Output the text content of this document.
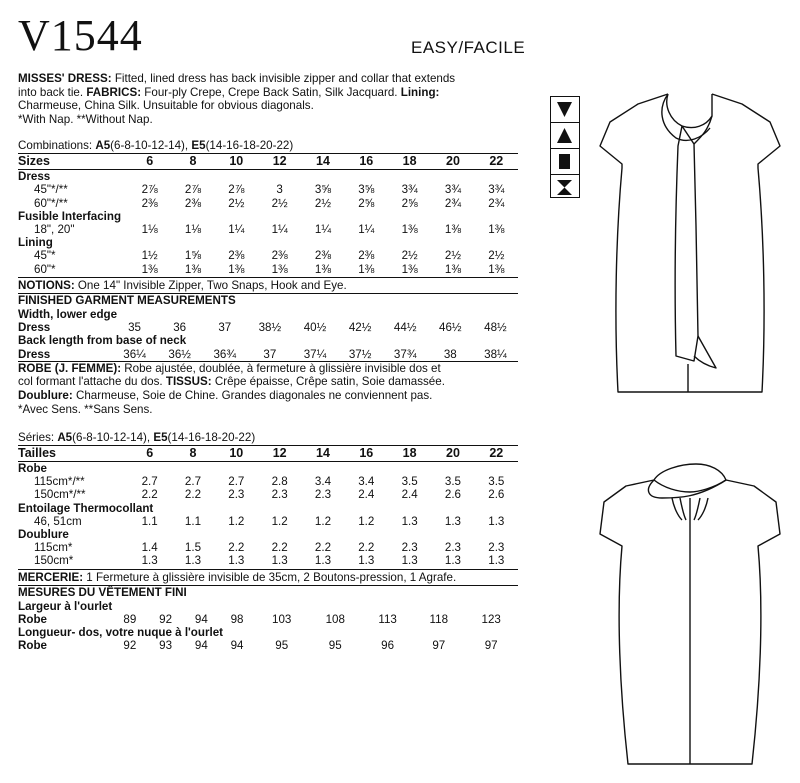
V1544	EASY/FACILE
MISSES' DRESS: Fitted, lined dress has back invisible zipper and collar that extends
into back tie. FABRICS: Four-ply Crepe, Crepe Back Satin, Silk Jacquard. Lining:
Charmeuse, China Silk. Unsuitable for obvious diagonals.
*With Nap. **Without Nap.
Combinations: A5(6-8-10-12-14), E5(14-16-18-20-22)
Sizes	6	8	10	12	14	16	18	20	22
Dress									
45"*/**	2⅞	2⅞	2⅞	3	3⅝	3⅝	3¾	3¾	3¾
60"*/**	2⅜	2⅜	2½	2½	2½	2⅝	2⅝	2¾	2¾
Fusible Interfacing									
18", 20"	1⅛	1⅛	1¼	1¼	1¼	1¼	1⅜	1⅜	1⅜
Lining									
45"*	1½	1⅝	2⅜	2⅜	2⅜	2⅜	2½	2½	2½
60"*	1⅜	1⅜	1⅜	1⅜	1⅜	1⅜	1⅜	1⅜	1⅜
NOTIONS: One 14" Invisible Zipper, Two Snaps, Hook and Eye.
FINISHED GARMENT MEASUREMENTS
Width, lower edge									
Dress	35	36	37	38½	40½	42½	44½	46½	48½
Back length from base of neck									
Dress	36¼	36½	36¾	37	37¼	37½	37¾	38	38¼
ROBE (J. FEMME): Robe ajustée, doublée, à fermeture à glissière invisible dos et
col formant l'attache du dos. TISSUS: Crêpe épaisse, Crêpe satin, Soie damassée.
Doublure: Charmeuse, Soie de Chine. Grandes diagonales ne conviennent pas.
*Avec Sens. **Sans Sens.
Séries: A5(6-8-10-12-14), E5(14-16-18-20-22)
Tailles	6	8	10	12	14	16	18	20	22
Robe									
115cm*/**	2.7	2.7	2.7	2.8	3.4	3.4	3.5	3.5	3.5
150cm*/**	2.2	2.2	2.3	2.3	2.3	2.4	2.4	2.6	2.6
Entoilage Thermocollant									
46, 51cm	1.1	1.1	1.2	1.2	1.2	1.2	1.3	1.3	1.3
Doublure									
115cm*	1.4	1.5	2.2	2.2	2.2	2.2	2.3	2.3	2.3
150cm*	1.3	1.3	1.3	1.3	1.3	1.3	1.3	1.3	1.3
MERCERIE: 1 Fermeture à glissière invisible de 35cm, 2 Boutons-pression, 1 Agrafe.
MESURES DU VÊTEMENT FINI
Largeur à l'ourlet									
Robe	89	92	94	98	103	108	113	118	123
Longueur- dos, votre nuque à l'ourlet									
Robe	92	93	94	94	95	95	96	97	97
